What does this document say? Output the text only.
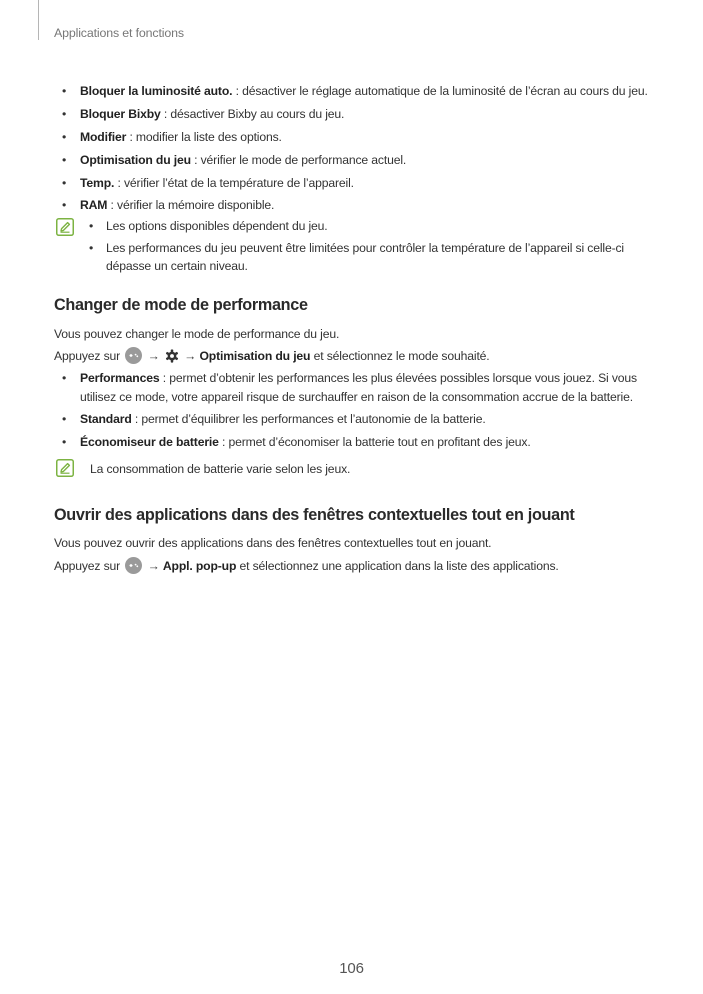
Applications et fonctions
• Bloquer la luminosité auto. : désactiver le réglage automatique de la luminosité de l’écran au cours du jeu.
• Bloquer Bixby : désactiver Bixby au cours du jeu.
• Modifier : modifier la liste des options.
• Optimisation du jeu : vérifier le mode de performance actuel.
• Temp. : vérifier l’état de la température de l’appareil.
• RAM : vérifier la mémoire disponible.
• Les options disponibles dépendent du jeu.
• Les performances du jeu peuvent être limitées pour contrôler la température de l’appareil si celle-ci dépasse un certain niveau.
Changer de mode de performance

Vous pouvez changer le mode de performance du jeu.

Appuyez sur → → Optimisation du jeu et sélectionnez le mode souhaité.

• Performances : permet d’obtenir les performances les plus élevées possibles lorsque vous jouez. Si vous utilisez ce mode, votre appareil risque de surchauffer en raison de la consommation accrue de la batterie.
• Standard : permet d’équilibrer les performances et l’autonomie de la batterie.
• Économiseur de batterie : permet d’économiser la batterie tout en profitant des jeux.
La consommation de batterie varie selon les jeux.
Ouvrir des applications dans des fenêtres contextuelles tout en jouant

Vous pouvez ouvrir des applications dans des fenêtres contextuelles tout en jouant.

Appuyez sur → Appl. pop-up et sélectionnez une application dans la liste des applications.

106
